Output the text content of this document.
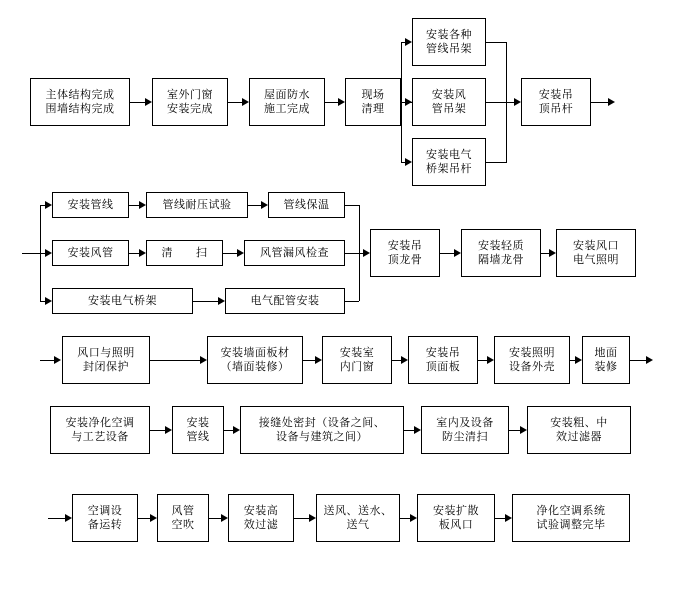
主体结构完成
围墙结构完成
室外门窗
安装完成
屋面防水
施工完成
现场
清理
安装各种
管线吊架
安装风
管吊架
安装电气
桥架吊杆
安装吊
顶吊杆
安装管线	管线耐压试验	管线保温
安装风管	清　　扫	风管漏风检查
安装电气桥架	电气配管安装
安装吊
顶龙骨
安装轻质
隔墙龙骨
安装风口
电气照明
风口与照明
封闭保护
安装墙面板材
（墙面装修）
安装室
内门窗
安装吊
顶面板
安装照明
设备外壳
地面
装修
安装净化空调
与工艺设备
安装
管线
接缝处密封（设备之间、
设备与建筑之间）
室内及设备
防尘清扫
安装粗、中
效过滤器
空调设
备运转
风管
空吹
安装高
效过滤
送风、送水、
送气
安装扩散
板风口
净化空调系统
试验调整完毕
